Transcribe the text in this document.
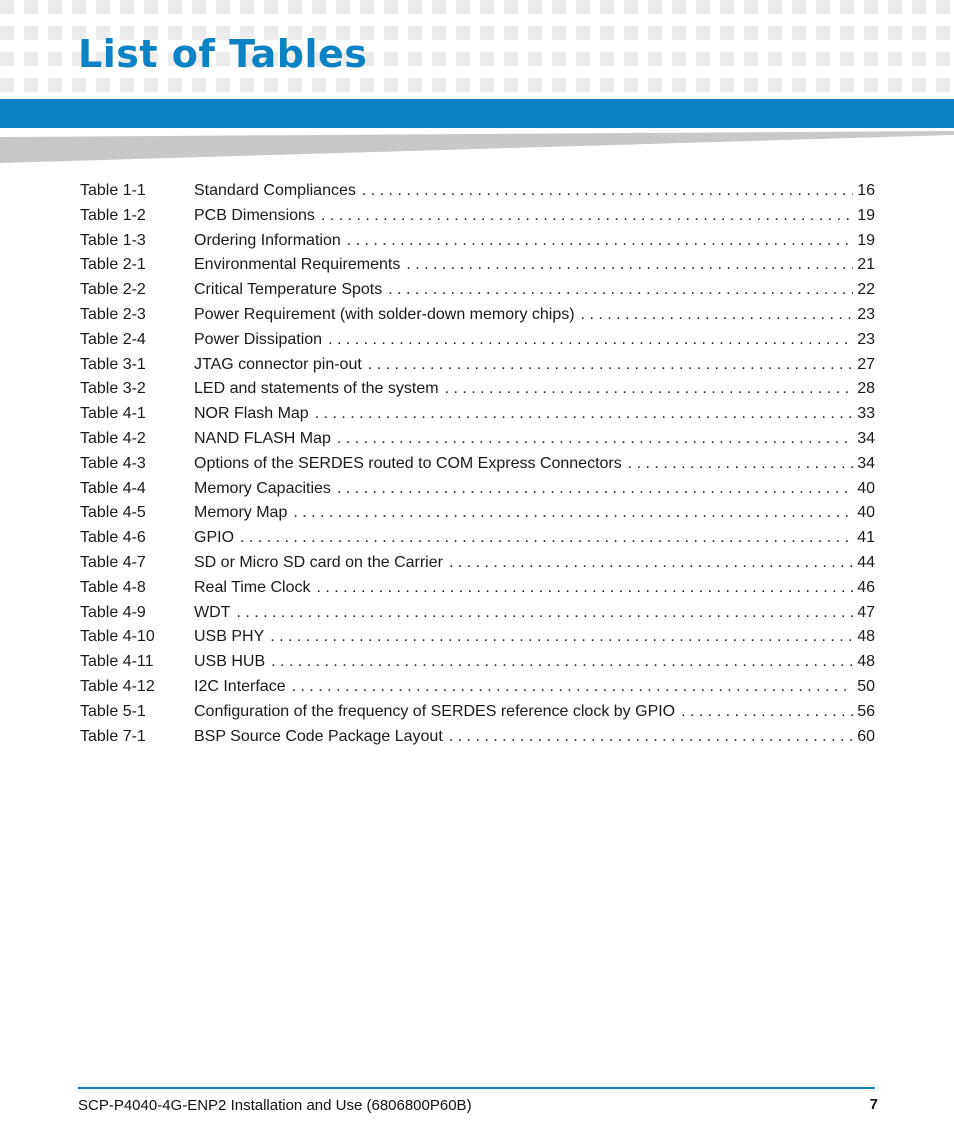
List of Tables
Table 1-1	Standard Compliances . . .	16
Table 1-2	PCB Dimensions . . .	19
Table 1-3	Ordering Information . . .	19
Table 2-1	Environmental Requirements . . .	21
Table 2-2	Critical Temperature Spots . . .	22
Table 2-3	Power Requirement (with solder-down memory chips) . . .	23
Table 2-4	Power Dissipation . . .	23
Table 3-1	JTAG connector pin-out . . .	27
Table 3-2	LED and statements of the system . . .	28
Table 4-1	NOR Flash Map . . .	33
Table 4-2	NAND FLASH Map . . .	34
Table 4-3	Options of the SERDES routed to COM Express Connectors . . .	34
Table 4-4	Memory Capacities . . .	40
Table 4-5	Memory Map . . .	40
Table 4-6	GPIO . . .	41
Table 4-7	SD or Micro SD card on the Carrier . . .	44
Table 4-8	Real Time Clock . . .	46
Table 4-9	WDT . . .	47
Table 4-10	USB PHY . . .	48
Table 4-11	USB HUB . . .	48
Table 4-12	I2C Interface . . .	50
Table 5-1	Configuration of the frequency of SERDES reference clock by GPIO . . .	56
Table 7-1	BSP Source Code Package Layout . . .	60
SCP-P4040-4G-ENP2 Installation and Use (6806800P60B)	7
